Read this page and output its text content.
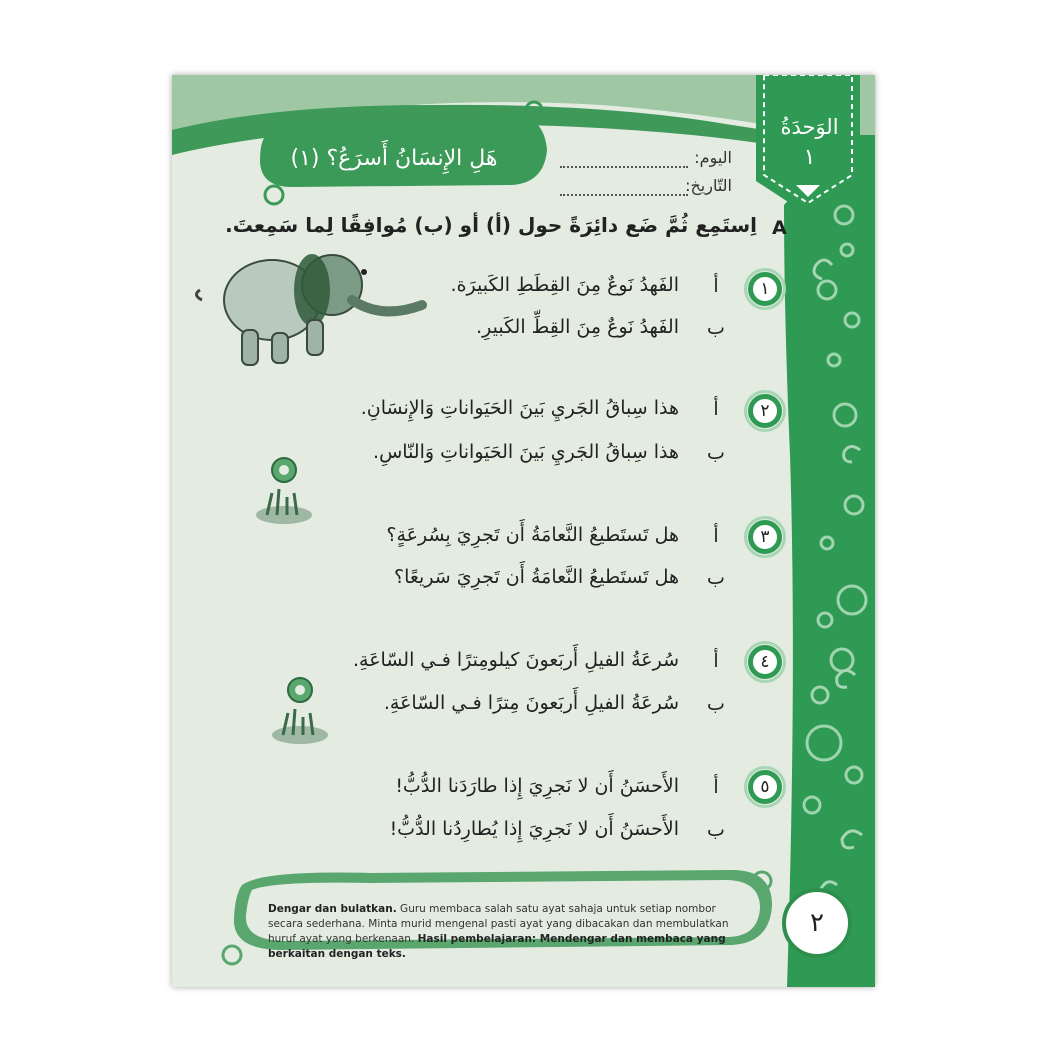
هَلِ الإِنسَانُ أَسرَعُ؟ (١)
الوَحدَةُ
١
اليوم:
التّاريخ:
A
اِستَمِع ثُمَّ ضَع دائِرَةً حول (أ) أو (ب) مُوافِقًا لِما سَمِعتَ.
١
أ
الفَهدُ نَوعٌ مِنَ القِطَطِ الكَبيرَة.
ب
الفَهدُ نَوعٌ مِنَ القِطِّ الكَبيرِ.
٢
أ
هذا سِباقُ الجَريِ بَينَ الحَيَواناتِ وَالإِنسَانِ.
ب
هذا سِباقُ الجَريِ بَينَ الحَيَواناتِ وَالنّاسِ.
٣
أ
هل تَستَطيعُ النَّعامَةُ أَن تَجرِيَ بِسُرعَةٍ؟
ب
هل تَستَطيعُ النَّعامَةُ أَن تَجرِيَ سَريعًا؟
٤
أ
سُرعَةُ الفيلِ أَربَعونَ كيلومِترًا فـي السّاعَةِ.
ب
سُرعَةُ الفيلِ أَربَعونَ مِترًا فـي السّاعَةِ.
٥
أ
الأَحسَنُ أَن لا نَجرِيَ إِذا طارَدَنا الدُّبُّ!
ب
الأَحسَنُ أَن لا نَجرِيَ إِذا يُطارِدُنا الدُّبُّ!
Dengar dan bulatkan. Guru membaca salah satu ayat sahaja untuk setiap nombor secara sederhana. Minta murid mengenal pasti ayat yang dibacakan dan membulatkan huruf ayat yang berkenaan. Hasil pembelajaran: Mendengar dan membaca yang berkaitan dengan teks.
٢
